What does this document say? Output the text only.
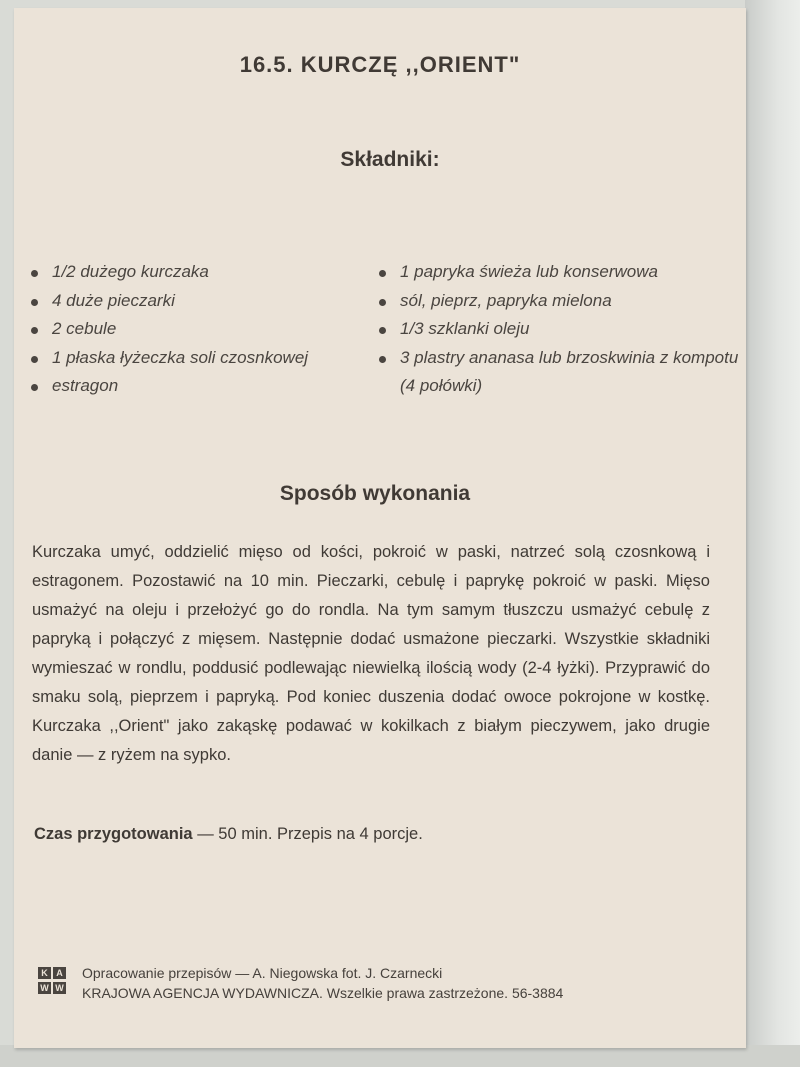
16.5. KURCZĘ ,,ORIENT"
Składniki:
1/2 dużego kurczaka
4 duże pieczarki
2 cebule
1 płaska łyżeczka soli czosnkowej
estragon
1 papryka świeża lub konserwowa
sól, pieprz, papryka mielona
1/3 szklanki oleju
3 plastry ananasa lub brzoskwinia z kompotu (4 połówki)
Sposób wykonania

Kurczaka umyć, oddzielić mięso od kości, pokroić w paski, natrzeć solą czosnkową i estragonem. Pozostawić na 10 min. Pieczarki, cebulę i paprykę pokroić w paski. Mięso usmażyć na oleju i przełożyć go do rondla. Na tym samym tłuszczu usmażyć cebulę z papryką i połączyć z mięsem. Następnie dodać usmażone pieczarki. Wszystkie składniki wymieszać w rondlu, poddusić podlewając niewielką ilością wody (2-4 łyżki). Przyprawić do smaku solą, pieprzem i papryką. Pod koniec duszenia dodać owoce pokrojone w kostkę. Kurczaka ,,Orient" jako zakąskę podawać w kokilkach z białym pieczywem, jako drugie danie — z ryżem na sypko.

Czas przygotowania — 50 min. Przepis na 4 porcje.
K A
W W
Opracowanie przepisów — A. Niegowska fot. J. Czarnecki
KRAJOWA AGENCJA WYDAWNICZA. Wszelkie prawa zastrzeżone. 56-3884
